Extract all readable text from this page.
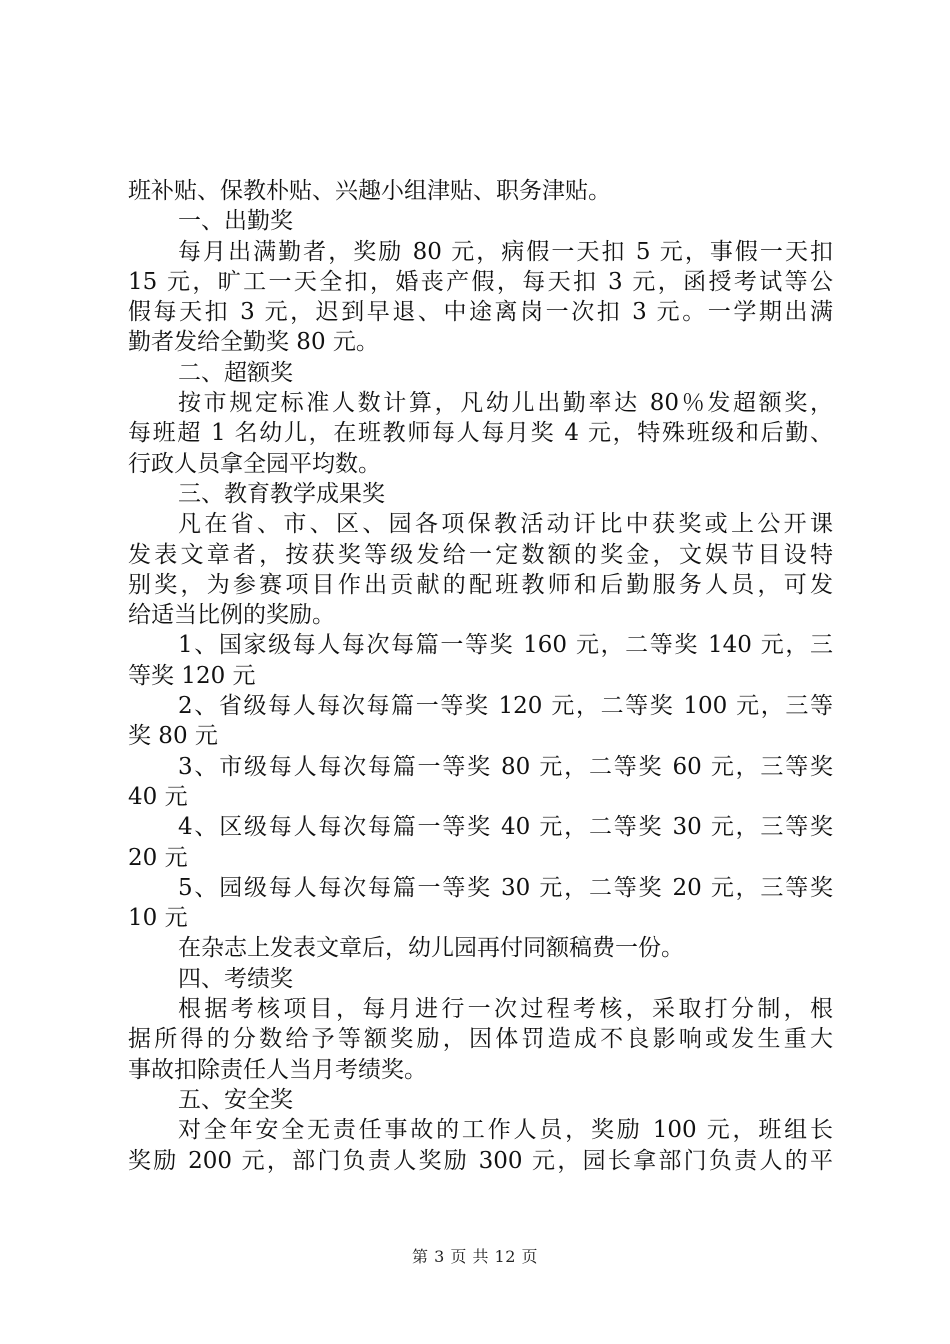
班补贴、保教朴贴、兴趣小组津贴、职务津贴。
一、出勤奖
每月出满勤者，奖励 80 元，病假一天扣 5 元，事假一天扣
15 元，旷工一天全扣，婚丧产假，每天扣 3 元，函授考试等公
假每天扣 3 元，迟到早退、中途离岗一次扣 3 元。一学期出满
勤者发给全勤奖 80 元。
二、超额奖
按市规定标准人数计算，凡幼儿出勤率达 80％发超额奖，
每班超 1 名幼儿，在班教师每人每月奖 4 元，特殊班级和后勤、
行政人员拿全园平均数。
三、教育教学成果奖
凡在省、市、区、园各项保教活动讦比中获奖或上公开课
发表文章者，按获奖等级发给一定数额的奖金，文娱节目设特
别奖，为参赛项目作出贡献的配班教师和后勤服务人员，可发
给适当比例的奖励。
1、国家级每人每次每篇一等奖 160 元，二等奖 140 元，三
等奖 120 元
2、省级每人每次每篇一等奖 120 元，二等奖 100 元，三等
奖 80 元
3、市级每人每次每篇一等奖 80 元，二等奖 60 元，三等奖
40 元
4、区级每人每次每篇一等奖 40 元，二等奖 30 元，三等奖
20 元
5、园级每人每次每篇一等奖 30 元，二等奖 20 元，三等奖
10 元
在杂志上发表文章后，幼儿园再付同额稿费一份。
四、考绩奖
根据考核项目，每月进行一次过程考核，采取打分制，根
据所得的分数给予等额奖励，因体罚造成不良影响或发生重大
事故扣除责任人当月考绩奖。
五、安全奖
对全年安全无责任事故的工作人员，奖励 100 元，班组长
奖励 200 元，部门负责人奖励 300 元，园长拿部门负责人的平
第 3 页 共 12 页
